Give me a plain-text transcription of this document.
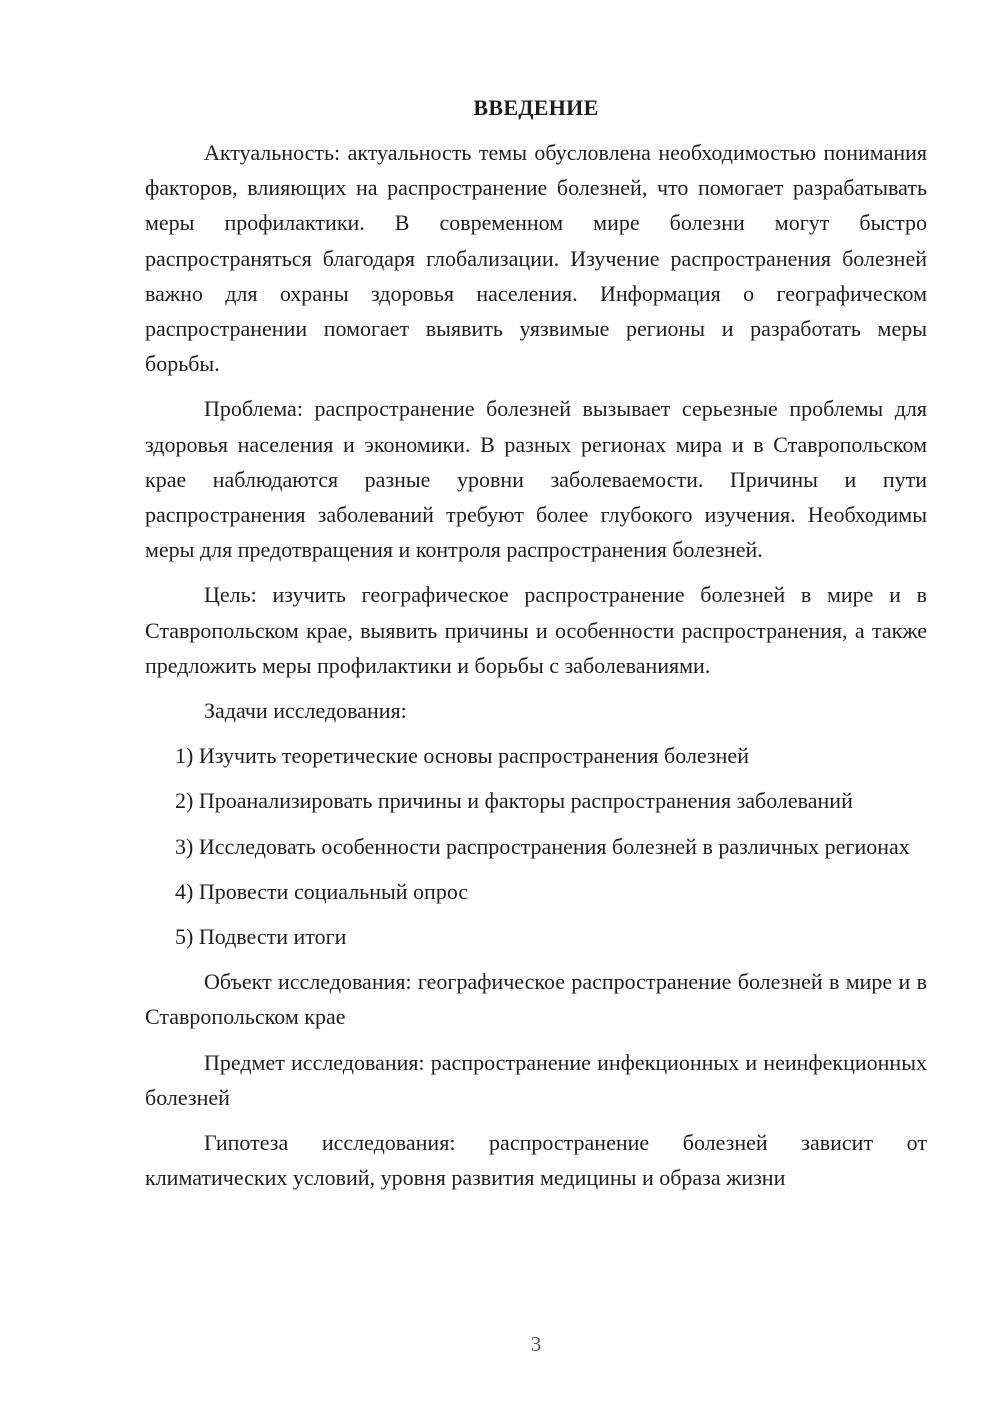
ВВЕДЕНИЕ

Актуальность: актуальность темы обусловлена необходимостью понимания факторов, влияющих на распространение болезней, что помогает разрабатывать меры профилактики. В современном мире болезни могут быстро распространяться благодаря глобализации. Изучение распространения болезней важно для охраны здоровья населения. Информация о географическом распространении помогает выявить уязвимые регионы и разработать меры борьбы.

Проблема: распространение болезней вызывает серьезные проблемы для здоровья населения и экономики. В разных регионах мира и в Ставропольском крае наблюдаются разные уровни заболеваемости. Причины и пути распространения заболеваний требуют более глубокого изучения. Необходимы меры для предотвращения и контроля распространения болезней.

Цель: изучить географическое распространение болезней в мире и в Ставропольском крае, выявить причины и особенности распространения, а также предложить меры профилактики и борьбы с заболеваниями.

Задачи исследования:

1) Изучить теоретические основы распространения болезней

2) Проанализировать причины и факторы распространения заболеваний

3) Исследовать особенности распространения болезней в различных регионах

4) Провести социальный опрос

5) Подвести итоги

Объект исследования: географическое распространение болезней в мире и в Ставропольском крае

Предмет исследования: распространение инфекционных и неинфекционных болезней

Гипотеза исследования: распространение болезней зависит от климатических условий, уровня развития медицины и образа жизни

3
